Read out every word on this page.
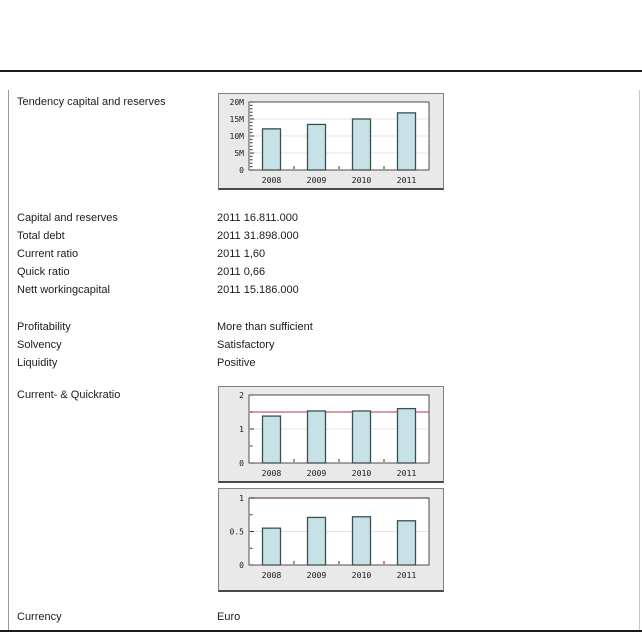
Tendency capital and reserves
0
5M
10M
15M
20M
2008	2009	2010	2011
Capital and reserves	2011 16.811.000
Total debt	2011 31.898.000
Current ratio	2011 1,60
Quick ratio	2011 0,66
Nett workingcapital	2011 15.186.000
Profitability	More than sufficient
Solvency	Satisfactory
Liquidity	Positive
Current- & Quickratio
0
1
2
2008	2009	2010	2011
0
0.5
1
2008	2009	2010	2011
Currency	Euro
